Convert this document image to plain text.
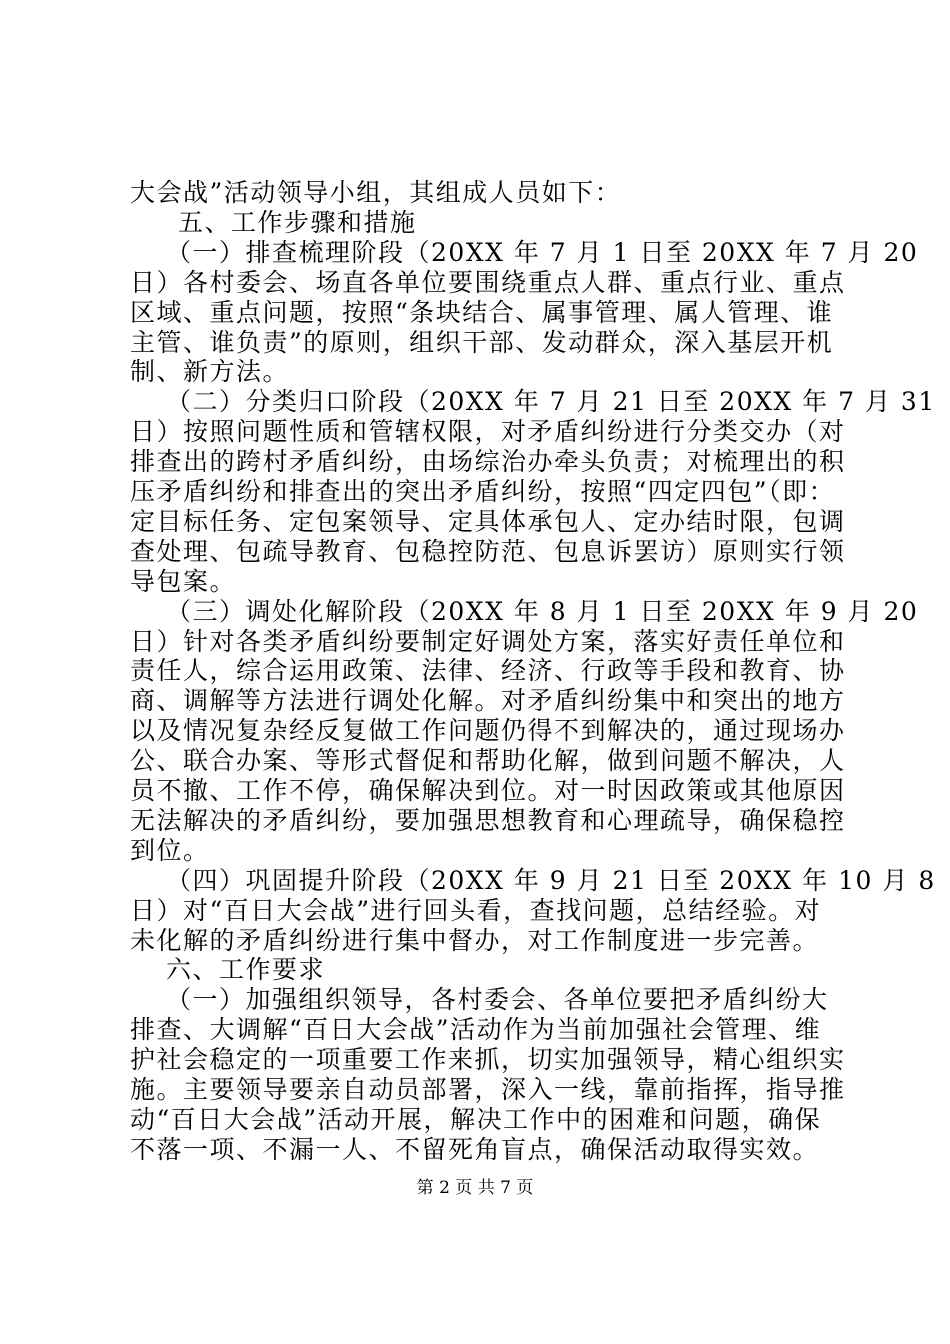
大会战”活动领导小组，其组成人员如下：
五、工作步骤和措施
（一）排查梳理阶段（20XX 年 7 月 1 日至 20XX 年 7 月 20
日）各村委会、场直各单位要围绕重点人群、重点行业、重点
区域、重点问题，按照“条块结合、属事管理、属人管理、谁
主管、谁负责”的原则，组织干部、发动群众，深入基层开机
制、新方法。
（二）分类归口阶段（20XX 年 7 月 21 日至 20XX 年 7 月 31
日）按照问题性质和管辖权限，对矛盾纠纷进行分类交办（对
排查出的跨村矛盾纠纷，由场综治办牵头负责；对梳理出的积
压矛盾纠纷和排查出的突出矛盾纠纷，按照“四定四包”（即：
定目标任务、定包案领导、定具体承包人、定办结时限，包调
查处理、包疏导教育、包稳控防范、包息诉罢访）原则实行领
导包案。
（三）调处化解阶段（20XX 年 8 月 1 日至 20XX 年 9 月 20
日）针对各类矛盾纠纷要制定好调处方案，落实好责任单位和
责任人，综合运用政策、法律、经济、行政等手段和教育、协
商、调解等方法进行调处化解。对矛盾纠纷集中和突出的地方
以及情况复杂经反复做工作问题仍得不到解决的，通过现场办
公、联合办案、等形式督促和帮助化解，做到问题不解决，人
员不撤、工作不停，确保解决到位。对一时因政策或其他原因
无法解决的矛盾纠纷，要加强思想教育和心理疏导，确保稳控
到位。
（四）巩固提升阶段（20XX 年 9 月 21 日至 20XX 年 10 月 8
日）对“百日大会战”进行回头看，查找问题，总结经验。对
未化解的矛盾纠纷进行集中督办，对工作制度进一步完善。
六、工作要求
（一）加强组织领导，各村委会、各单位要把矛盾纠纷大
排查、大调解“百日大会战”活动作为当前加强社会管理、维
护社会稳定的一项重要工作来抓，切实加强领导，精心组织实
施。主要领导要亲自动员部署，深入一线，靠前指挥，指导推
动“百日大会战”活动开展，解决工作中的困难和问题，确保
不落一项、不漏一人、不留死角盲点，确保活动取得实效。
第 2 页 共 7 页
